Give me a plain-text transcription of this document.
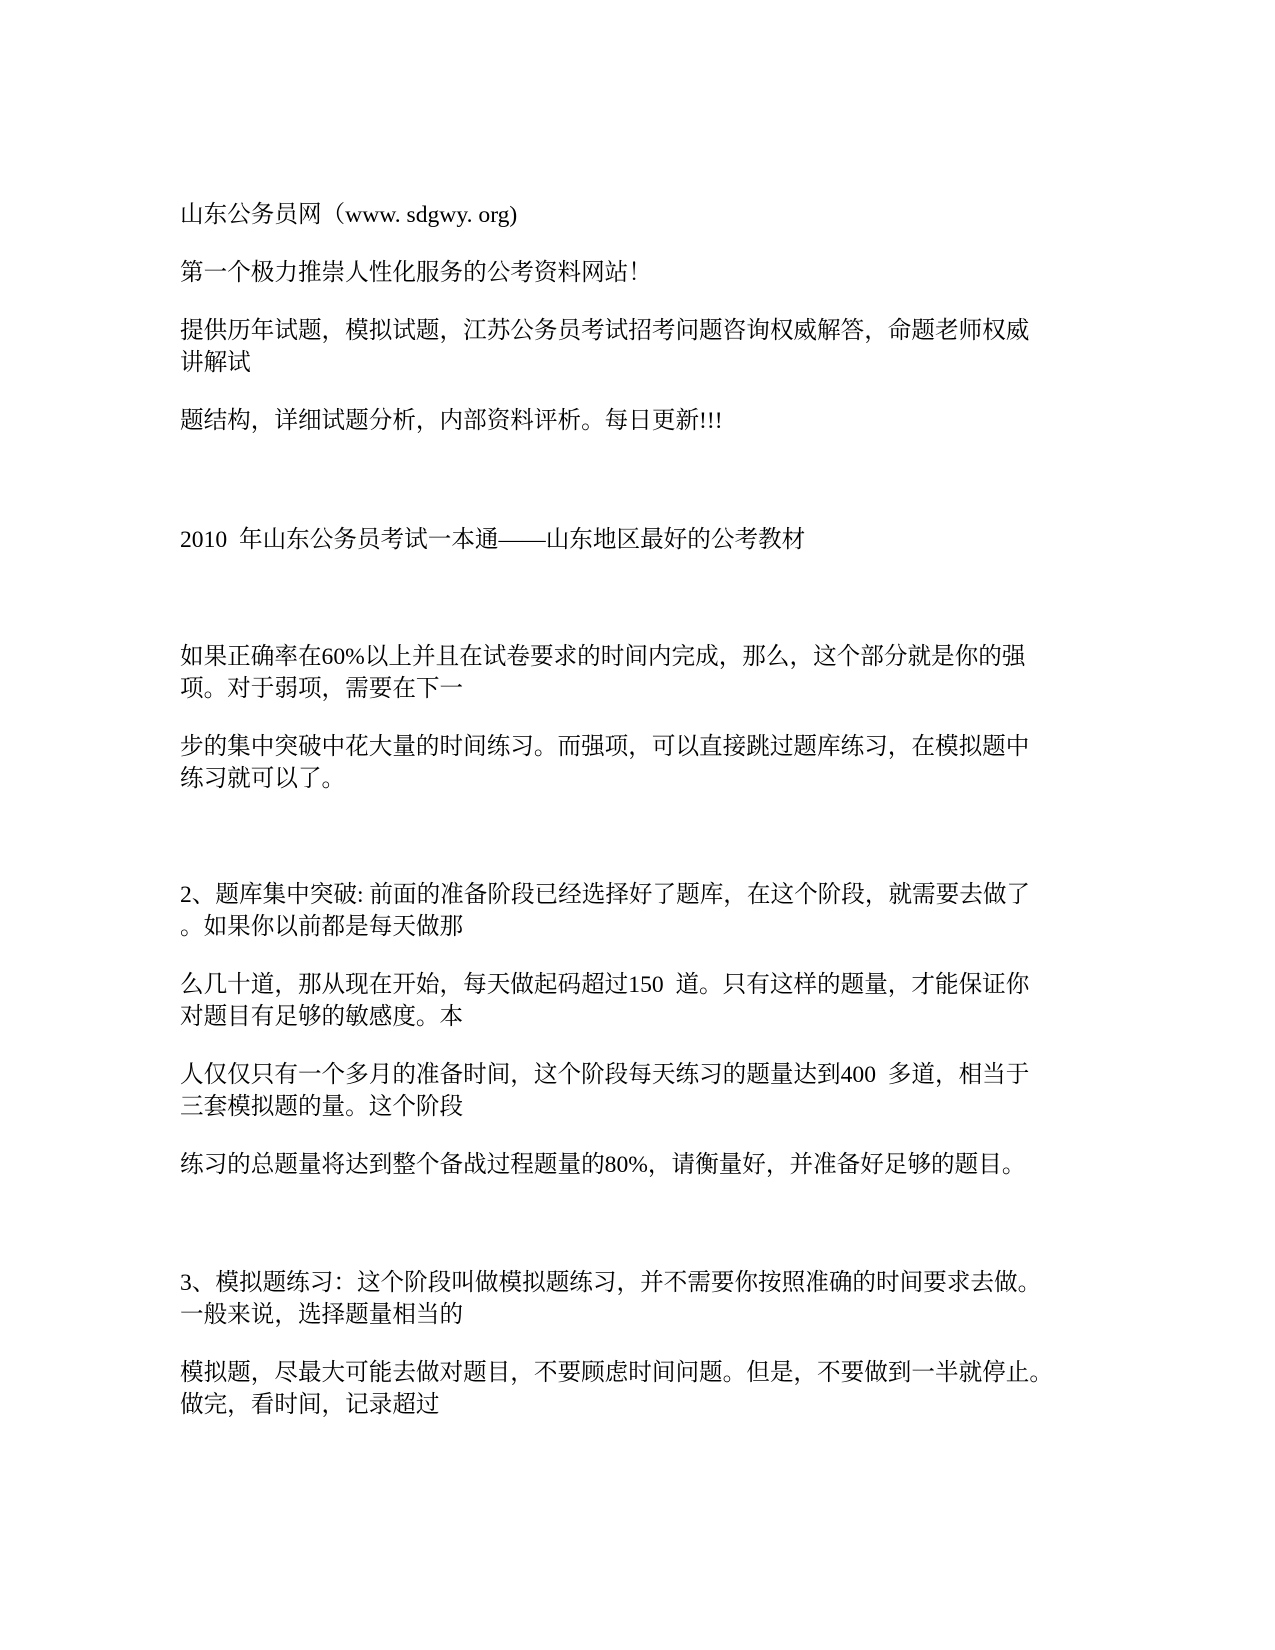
山东公务员网（www. sdgwy. org)
第一个极力推崇人性化服务的公考资料网站！
提供历年试题，模拟试题，江苏公务员考试招考问题咨询权威解答，命题老师权威
讲解试
题结构，详细试题分析，内部资料评析。每日更新!!!
2010  年山东公务员考试一本通——山东地区最好的公考教材
如果正确率在60%以上并且在试卷要求的时间内完成，那么，这个部分就是你的强
项。对于弱项，需要在下一
步的集中突破中花大量的时间练习。而强项，可以直接跳过题库练习，在模拟题中
练习就可以了。
2、题库集中突破: 前面的准备阶段已经选择好了题库，在这个阶段，就需要去做了
。如果你以前都是每天做那
么几十道，那从现在开始，每天做起码超过150  道。只有这样的题量，才能保证你
对题目有足够的敏感度。本
人仅仅只有一个多月的准备时间，这个阶段每天练习的题量达到400  多道，相当于
三套模拟题的量。这个阶段
练习的总题量将达到整个备战过程题量的80%，请衡量好，并准备好足够的题目。
3、模拟题练习：这个阶段叫做模拟题练习，并不需要你按照准确的时间要求去做。
一般来说，选择题量相当的
模拟题，尽最大可能去做对题目，不要顾虑时间问题。但是，不要做到一半就停止。
做完，看时间，记录超过
